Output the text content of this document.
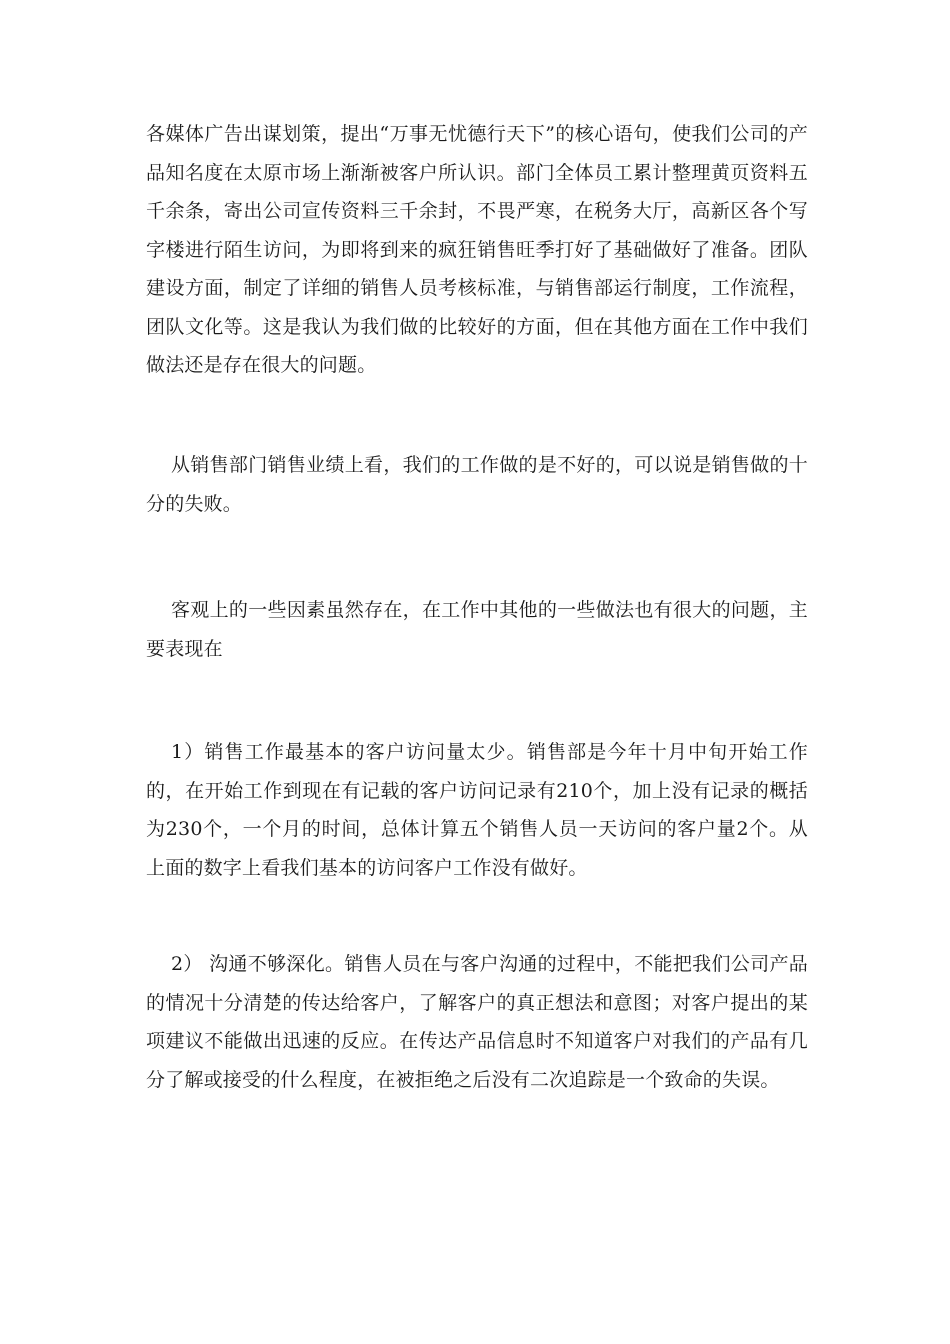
各媒体广告出谋划策，提出“万事无忧德行天下”的核心语句，使我们公司的产品知名度在太原市场上渐渐被客户所认识。部门全体员工累计整理黄页资料五千余条，寄出公司宣传资料三千余封，不畏严寒，在税务大厅，高新区各个写字楼进行陌生访问，为即将到来的疯狂销售旺季打好了基础做好了准备。团队建设方面，制定了详细的销售人员考核标准，与销售部运行制度，工作流程，团队文化等。这是我认为我们做的比较好的方面，但在其他方面在工作中我们做法还是存在很大的问题。

从销售部门销售业绩上看，我们的工作做的是不好的，可以说是销售做的十分的失败。

客观上的一些因素虽然存在，在工作中其他的一些做法也有很大的问题，主要表现在

1）销售工作最基本的客户访问量太少。销售部是今年十月中旬开始工作的，在开始工作到现在有记载的客户访问记录有210个，加上没有记录的概括为230个，一个月的时间，总体计算五个销售人员一天访问的客户量2个。从上面的数字上看我们基本的访问客户工作没有做好。

2） 沟通不够深化。销售人员在与客户沟通的过程中，不能把我们公司产品的情况十分清楚的传达给客户，了解客户的真正想法和意图；对客户提出的某项建议不能做出迅速的反应。在传达产品信息时不知道客户对我们的产品有几分了解或接受的什么程度，在被拒绝之后没有二次追踪是一个致命的失误。
